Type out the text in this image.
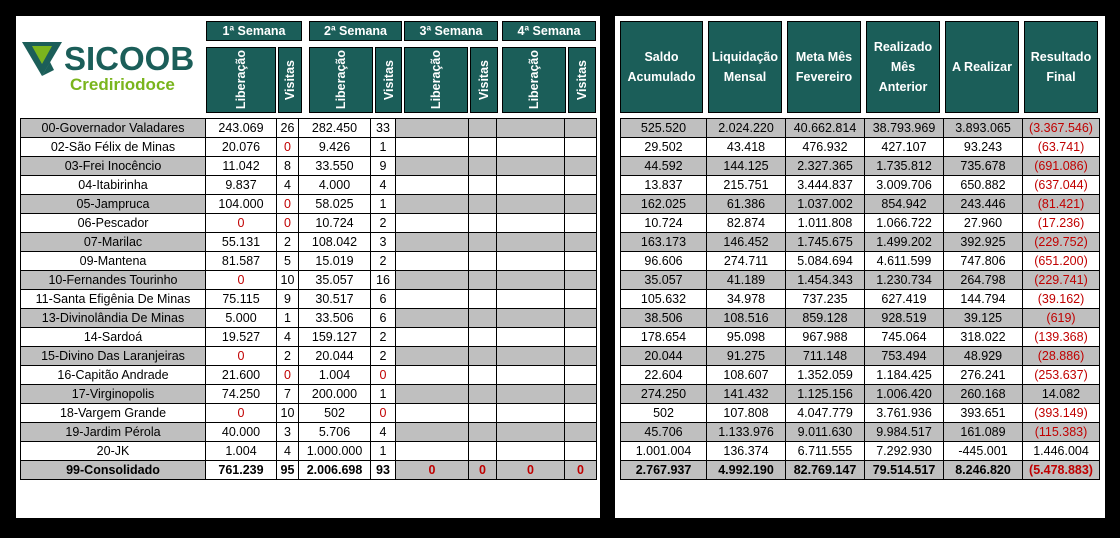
SICOOB
Crediriodoce
1ª Semana	2ª Semana	3ª Semana	4ª Semana
Liberação	Visitas	Liberação	Visitas	Liberação	Visitas	Liberação	Visitas
00-Governador Valadares	243.069	26	282.450	33				
02-São Félix de Minas	20.076	0	9.426	1				
03-Frei Inocêncio	11.042	8	33.550	9				
04-Itabirinha	9.837	4	4.000	4				
05-Jampruca	104.000	0	58.025	1				
06-Pescador	0	0	10.724	2				
07-Marilac	55.131	2	108.042	3				
09-Mantena	81.587	5	15.019	2				
10-Fernandes Tourinho	0	10	35.057	16				
11-Santa Efigênia De Minas	75.115	9	30.517	6				
13-Divinolândia De Minas	5.000	1	33.506	6				
14-Sardoá	19.527	4	159.127	2				
15-Divino Das Laranjeiras	0	2	20.044	2				
16-Capitão Andrade	21.600	0	1.004	0				
17-Virginopolis	74.250	7	200.000	1				
18-Vargem Grande	0	10	502	0				
19-Jardim Pérola	40.000	3	5.706	4				
20-JK	1.004	4	1.000.000	1				
99-Consolidado	761.239	95	2.006.698	93	0	0	0	0
Saldo Acumulado
Liquidação Mensal
Meta Mês Fevereiro
Realizado Mês Anterior
A Realizar
Resultado Final
525.520	2.024.220	40.662.814	38.793.969	3.893.065	(3.367.546)
29.502	43.418	476.932	427.107	93.243	(63.741)
44.592	144.125	2.327.365	1.735.812	735.678	(691.086)
13.837	215.751	3.444.837	3.009.706	650.882	(637.044)
162.025	61.386	1.037.002	854.942	243.446	(81.421)
10.724	82.874	1.011.808	1.066.722	27.960	(17.236)
163.173	146.452	1.745.675	1.499.202	392.925	(229.752)
96.606	274.711	5.084.694	4.611.599	747.806	(651.200)
35.057	41.189	1.454.343	1.230.734	264.798	(229.741)
105.632	34.978	737.235	627.419	144.794	(39.162)
38.506	108.516	859.128	928.519	39.125	(619)
178.654	95.098	967.988	745.064	318.022	(139.368)
20.044	91.275	711.148	753.494	48.929	(28.886)
22.604	108.607	1.352.059	1.184.425	276.241	(253.637)
274.250	141.432	1.125.156	1.006.420	260.168	14.082
502	107.808	4.047.779	3.761.936	393.651	(393.149)
45.706	1.133.976	9.011.630	9.984.517	161.089	(115.383)
1.001.004	136.374	6.711.555	7.292.930	-445.001	1.446.004
2.767.937	4.992.190	82.769.147	79.514.517	8.246.820	(5.478.883)
